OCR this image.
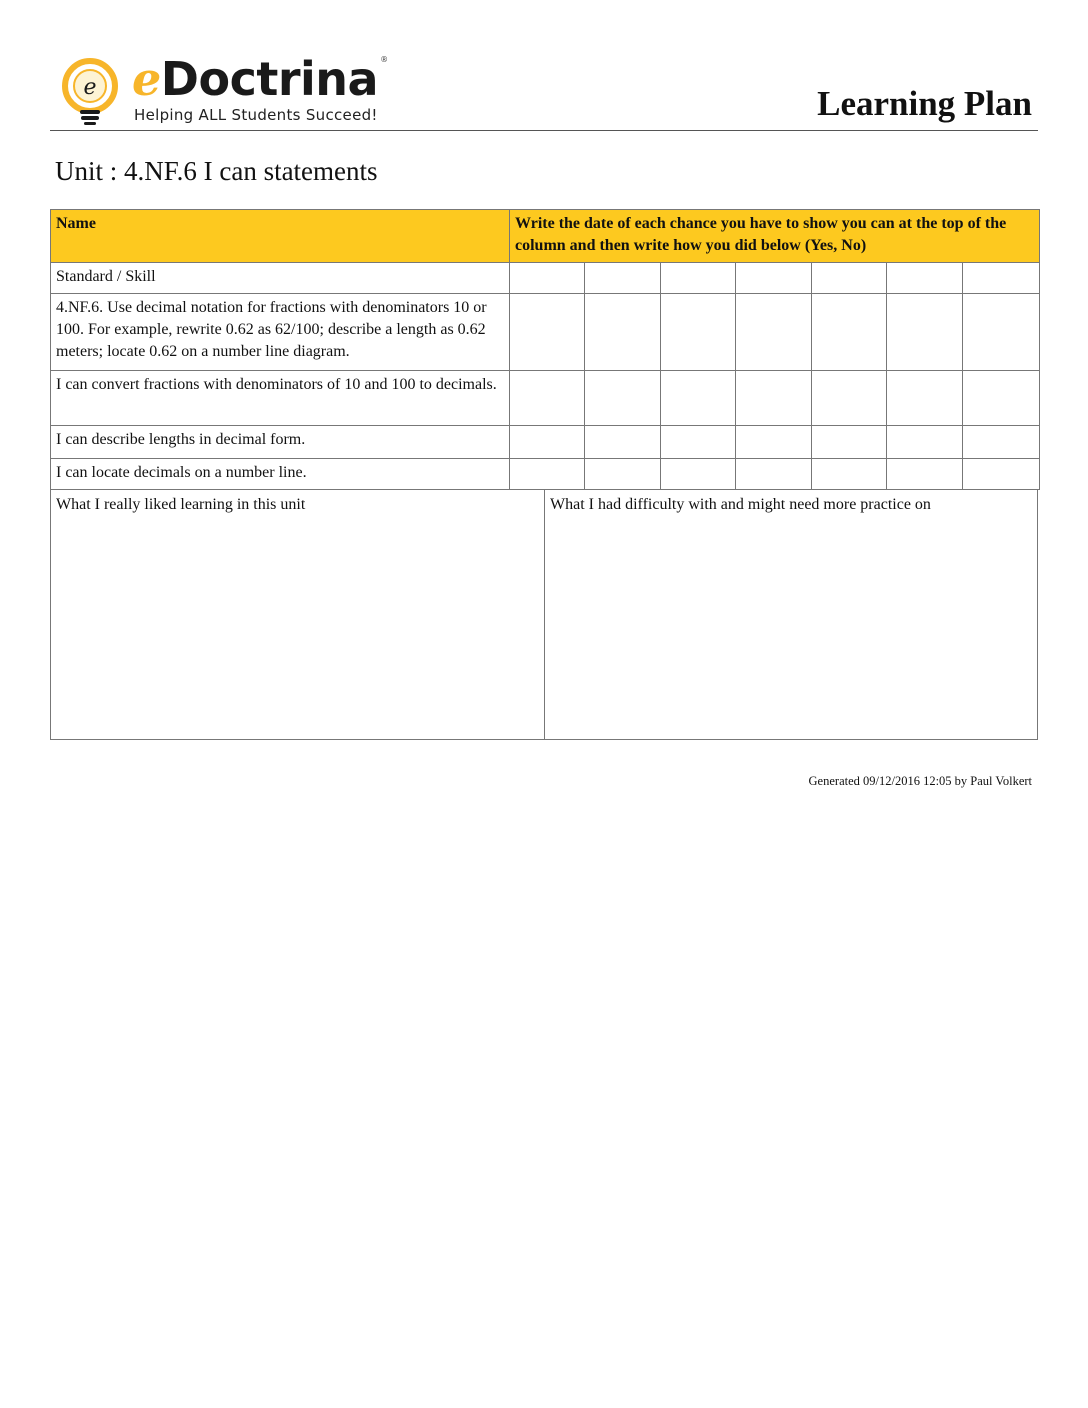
e eDoctrina ®
Helping ALL Students Succeed!	Learning Plan
Unit : 4.NF.6 I can statements
Name	Write the date of each chance you have to show you can at the top of the column and then write how you did below (Yes, No)						
Standard / Skill							
4.NF.6. Use decimal notation for fractions with denominators 10 or 100. For example, rewrite 0.62 as 62/100; describe a length as 0.62 meters; locate 0.62 on a number line diagram.							
I can convert fractions with denominators of 10 and 100 to decimals.							
I can describe lengths in decimal form.							
I can locate decimals on a number line.							
What I really liked learning in this unit	What I had difficulty with and might need more practice on
Generated 09/12/2016 12:05 by Paul Volkert
